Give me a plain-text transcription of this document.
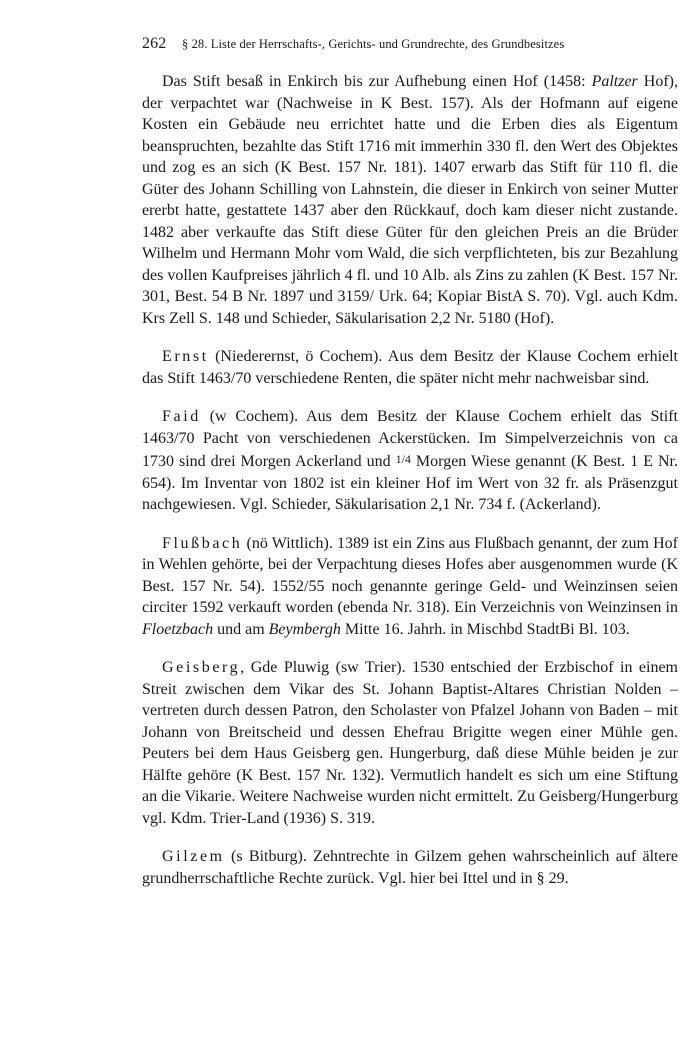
262	§ 28. Liste der Herrschafts-, Gerichts- und Grundrechte, des Grundbesitzes

Das Stift besaß in Enkirch bis zur Aufhebung einen Hof (1458: Paltzer Hof), der verpachtet war (Nachweise in K Best. 157). Als der Hofmann auf eigene Kosten ein Gebäude neu errichtet hatte und die Erben dies als Eigentum beanspruchten, bezahlte das Stift 1716 mit immerhin 330 fl. den Wert des Objektes und zog es an sich (K Best. 157 Nr. 181). 1407 erwarb das Stift für 110 fl. die Güter des Johann Schilling von Lahnstein, die dieser in Enkirch von seiner Mutter ererbt hatte, gestattete 1437 aber den Rückkauf, doch kam dieser nicht zustande. 1482 aber verkaufte das Stift diese Güter für den gleichen Preis an die Brüder Wilhelm und Hermann Mohr vom Wald, die sich verpflichteten, bis zur Bezahlung des vollen Kaufpreises jährlich 4 fl. und 10 Alb. als Zins zu zahlen (K Best. 157 Nr. 301, Best. 54 B Nr. 1897 und 3159/ Urk. 64; Kopiar BistA S. 70). Vgl. auch Kdm. Krs Zell S. 148 und Schieder, Säkularisation 2,2 Nr. 5180 (Hof).

Ernst (Niederernst, ö Cochem). Aus dem Besitz der Klause Cochem erhielt das Stift 1463/70 verschiedene Renten, die später nicht mehr nachweisbar sind.

Faid (w Cochem). Aus dem Besitz der Klause Cochem erhielt das Stift 1463/70 Pacht von verschiedenen Ackerstücken. Im Simpelverzeichnis von ca 1730 sind drei Morgen Ackerland und 1/4 Morgen Wiese genannt (K Best. 1 E Nr. 654). Im Inventar von 1802 ist ein kleiner Hof im Wert von 32 fr. als Präsenzgut nachgewiesen. Vgl. Schieder, Säkularisation 2,1 Nr. 734 f. (Ackerland).

Flußbach (nö Wittlich). 1389 ist ein Zins aus Flußbach genannt, der zum Hof in Wehlen gehörte, bei der Verpachtung dieses Hofes aber ausgenommen wurde (K Best. 157 Nr. 54). 1552/55 noch genannte geringe Geld- und Weinzinsen seien circiter 1592 verkauft worden (ebenda Nr. 318). Ein Verzeichnis von Weinzinsen in Floetzbach und am Beymbergh Mitte 16. Jahrh. in Mischbd StadtBi Bl. 103.

Geisberg, Gde Pluwig (sw Trier). 1530 entschied der Erzbischof in einem Streit zwischen dem Vikar des St. Johann Baptist-Altares Christian Nolden – vertreten durch dessen Patron, den Scholaster von Pfalzel Johann von Baden – mit Johann von Breitscheid und dessen Ehefrau Brigitte wegen einer Mühle gen. Peuters bei dem Haus Geisberg gen. Hungerburg, daß diese Mühle beiden je zur Hälfte gehöre (K Best. 157 Nr. 132). Vermutlich handelt es sich um eine Stiftung an die Vikarie. Weitere Nachweise wurden nicht ermittelt. Zu Geisberg/Hungerburg vgl. Kdm. Trier-Land (1936) S. 319.

Gilzem (s Bitburg). Zehntrechte in Gilzem gehen wahrscheinlich auf ältere grundherrschaftliche Rechte zurück. Vgl. hier bei Ittel und in § 29.
